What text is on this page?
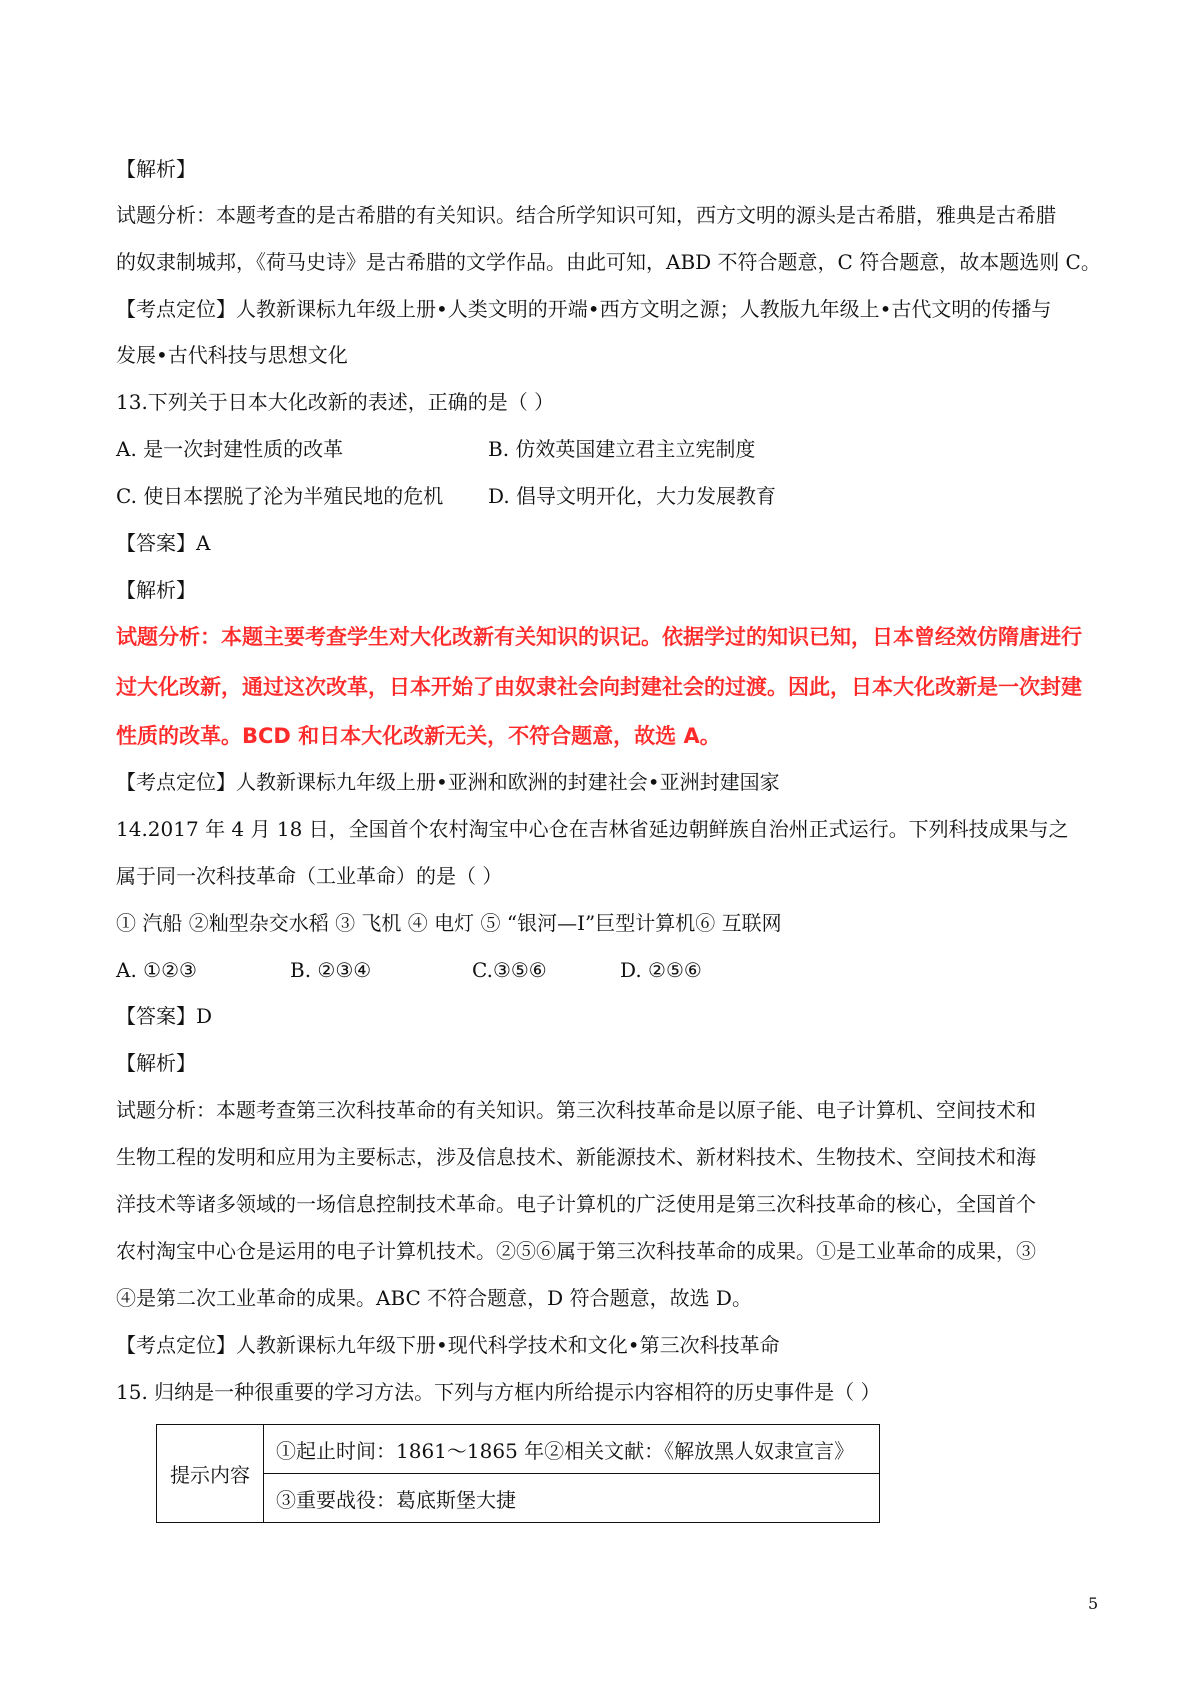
【解析】
试题分析：本题考查的是古希腊的有关知识。结合所学知识可知，西方文明的源头是古希腊，雅典是古希腊
的奴隶制城邦，《荷马史诗》是古希腊的文学作品。由此可知，ABD 不符合题意，C 符合题意，故本题选则 C。
【考点定位】人教新课标九年级上册•人类文明的开端•西方文明之源；人教版九年级上•古代文明的传播与
发展•古代科技与思想文化
13.下列关于日本大化改新的表述，正确的是（ ）
A. 是一次封建性质的改革	B. 仿效英国建立君主立宪制度
C. 使日本摆脱了沦为半殖民地的危机 D. 倡导文明开化，大力发展教育
【答案】A
【解析】
试题分析：本题主要考查学生对大化改新有关知识的识记。依据学过的知识已知，日本曾经效仿隋唐进行
过大化改新，通过这次改革，日本开始了由奴隶社会向封建社会的过渡。因此，日本大化改新是一次封建
性质的改革。BCD 和日本大化改新无关，不符合题意，故选 A。
【考点定位】人教新课标九年级上册•亚洲和欧洲的封建社会•亚洲封建国家
14.2017 年 4 月 18 日，全国首个农村淘宝中心仓在吉林省延边朝鲜族自治州正式运行。下列科技成果与之
属于同一次科技革命（工业革命）的是（ ）
① 汽船 ②籼型杂交水稻 ③ 飞机 ④ 电灯 ⑤ “银河—I”巨型计算机⑥ 互联网
A. ①②③	B. ②③④	C.③⑤⑥	D. ②⑤⑥
【答案】D
【解析】
试题分析：本题考查第三次科技革命的有关知识。第三次科技革命是以原子能、电子计算机、空间技术和
生物工程的发明和应用为主要标志，涉及信息技术、新能源技术、新材料技术、生物技术、空间技术和海
洋技术等诸多领域的一场信息控制技术革命。电子计算机的广泛使用是第三次科技革命的核心，全国首个
农村淘宝中心仓是运用的电子计算机技术。②⑤⑥属于第三次科技革命的成果。①是工业革命的成果，③
④是第二次工业革命的成果。ABC 不符合题意，D 符合题意，故选 D。
【考点定位】人教新课标九年级下册•现代科学技术和文化•第三次科技革命
15. 归纳是一种很重要的学习方法。下列与方框内所给提示内容相符的历史事件是（ ）
提示内容	①起止时间：1861～1865 年②相关文献：《解放黑人奴隶宣言》
③重要战役：葛底斯堡大捷
5
